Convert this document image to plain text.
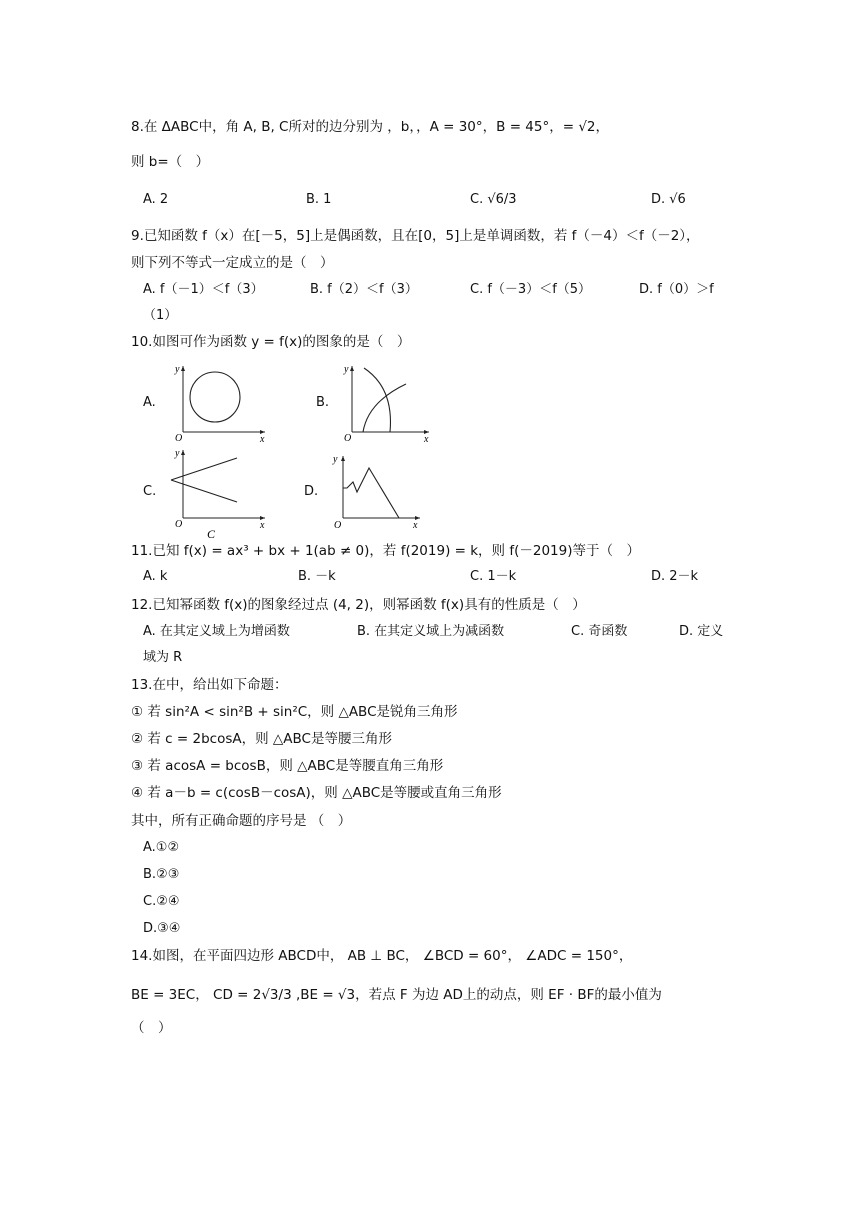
8.在 ΔABC中，角 A, B, C所对的边分别为 ，b，，A = 30°，B = 45°，= √2，
则 b=（　）
A. 2	B. 1	C. √6/3	D. √6
9.已知函数 f（x）在[－5，5]上是偶函数，且在[0，5]上是单调函数，若 f（－4）＜f（－2），
则下列不等式一定成立的是（　）
A. f（－1）＜f（3）	B. f（2）＜f（3）	C. f（－3）＜f（5）	D. f（0）＞f
（1）
10.如图可作为函数 y = f(x)的图象的是（　）
A.
y
x
O
B.
y
x
O
C.
y
x
O
C
D.
y
x
O
11.已知 f(x) = ax³ + bx + 1(ab ≠ 0)，若 f(2019) = k，则 f(－2019)等于（　）
A. k	B. －k	C. 1－k	D. 2－k
12.已知幂函数 f(x)的图象经过点 (4, 2)，则幂函数 f(x)具有的性质是（　）
A. 在其定义域上为增函数	B. 在其定义域上为减函数	C. 奇函数	D. 定义
域为 R
13.在中，给出如下命题：
① 若 sin²A < sin²B + sin²C，则 △ABC是锐角三角形
② 若 c = 2bcosA，则 △ABC是等腰三角形
③ 若 acosA = bcosB，则 △ABC是等腰直角三角形
④ 若 a－b = c(cosB－cosA)，则 △ABC是等腰或直角三角形
其中，所有正确命题的序号是 （　）
A.①②
B.②③
C.②④
D.③④
14.如图，在平面四边形 ABCD中， AB ⊥ BC， ∠BCD = 60°， ∠ADC = 150°，
BE = 3EC， CD = 2√3/3 ,BE = √3，若点 F 为边 AD上的动点，则 EF · BF的最小值为
（　）
